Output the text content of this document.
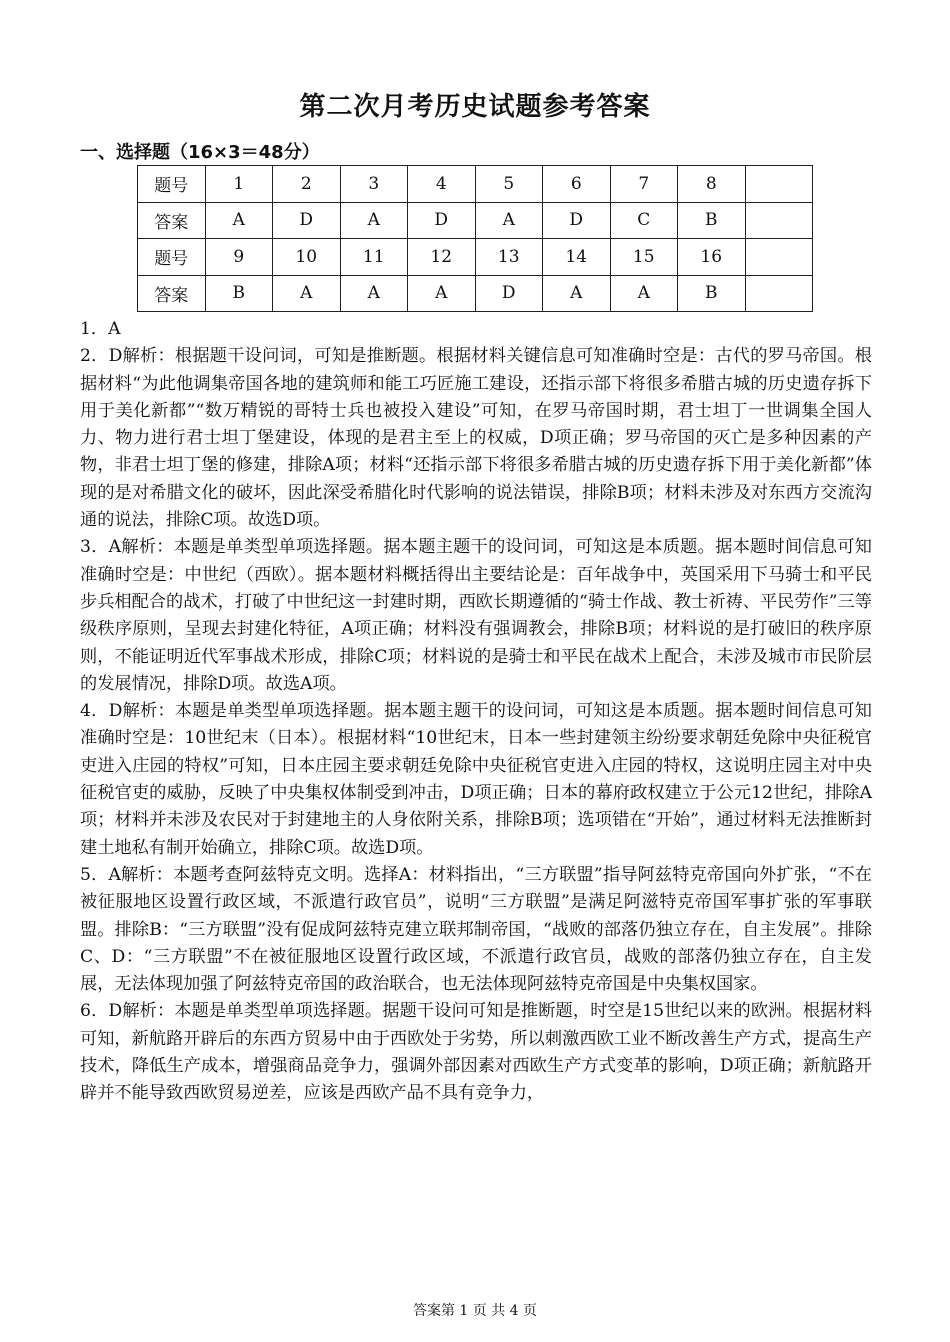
第二次月考历史试题参考答案
一、选择题（16×3＝48分）
题号	1	2	3	4	5	6	7	8	
答案	A	D	A	D	A	D	C	B	
题号	9	10	11	12	13	14	15	16	
答案	B	A	A	A	D	A	A	B	

1．A

2．D解析：根据题干设问词，可知是推断题。根据材料关键信息可知准确时空是：古代的罗马帝国。根据材料“为此他调集帝国各地的建筑师和能工巧匠施工建设，还指示部下将很多希腊古城的历史遗存拆下用于美化新都”“数万精锐的哥特士兵也被投入建设”可知，在罗马帝国时期，君士坦丁一世调集全国人力、物力进行君士坦丁堡建设，体现的是君主至上的权威，D项正确；罗马帝国的灭亡是多种因素的产物，非君士坦丁堡的修建，排除A项；材料“还指示部下将很多希腊古城的历史遗存拆下用于美化新都”体现的是对希腊文化的破坏，因此深受希腊化时代影响的说法错误，排除B项；材料未涉及对东西方交流沟通的说法，排除C项。故选D项。

3．A解析：本题是单类型单项选择题。据本题主题干的设问词，可知这是本质题。据本题时间信息可知准确时空是：中世纪（西欧）。据本题材料概括得出主要结论是：百年战争中，英国采用下马骑士和平民步兵相配合的战术，打破了中世纪这一封建时期，西欧长期遵循的“骑士作战、教士祈祷、平民劳作”三等级秩序原则，呈现去封建化特征，A项正确；材料没有强调教会，排除B项；材料说的是打破旧的秩序原则，不能证明近代军事战术形成，排除C项；材料说的是骑士和平民在战术上配合，未涉及城市市民阶层的发展情况，排除D项。故选A项。

4．D解析：本题是单类型单项选择题。据本题主题干的设问词，可知这是本质题。据本题时间信息可知准确时空是：10世纪末（日本）。根据材料“10世纪末，日本一些封建领主纷纷要求朝廷免除中央征税官吏进入庄园的特权”可知，日本庄园主要求朝廷免除中央征税官吏进入庄园的特权，这说明庄园主对中央征税官吏的威胁，反映了中央集权体制受到冲击，D项正确；日本的幕府政权建立于公元12世纪，排除A项；材料并未涉及农民对于封建地主的人身依附关系，排除B项；选项错在“开始”，通过材料无法推断封建土地私有制开始确立，排除C项。故选D项。

5．A解析：本题考查阿兹特克文明。选择A：材料指出，“三方联盟”指导阿兹特克帝国向外扩张，“不在被征服地区设置行政区域，不派遣行政官员”，说明“三方联盟”是满足阿滋特克帝国军事扩张的军事联盟。排除B：“三方联盟”没有促成阿兹特克建立联邦制帝国，“战败的部落仍独立存在，自主发展”。排除C、D：“三方联盟”不在被征服地区设置行政区域，不派遣行政官员，战败的部落仍独立存在，自主发展，无法体现加强了阿兹特克帝国的政治联合，也无法体现阿兹特克帝国是中央集权国家。

6．D解析：本题是单类型单项选择题。据题干设问可知是推断题，时空是15世纪以来的欧洲。根据材料可知，新航路开辟后的东西方贸易中由于西欧处于劣势，所以刺激西欧工业不断改善生产方式，提高生产技术，降低生产成本，增强商品竞争力，强调外部因素对西欧生产方式变革的影响，D项正确；新航路开辟并不能导致西欧贸易逆差，应该是西欧产品不具有竞争力，

答案第 1 页 共 4 页
